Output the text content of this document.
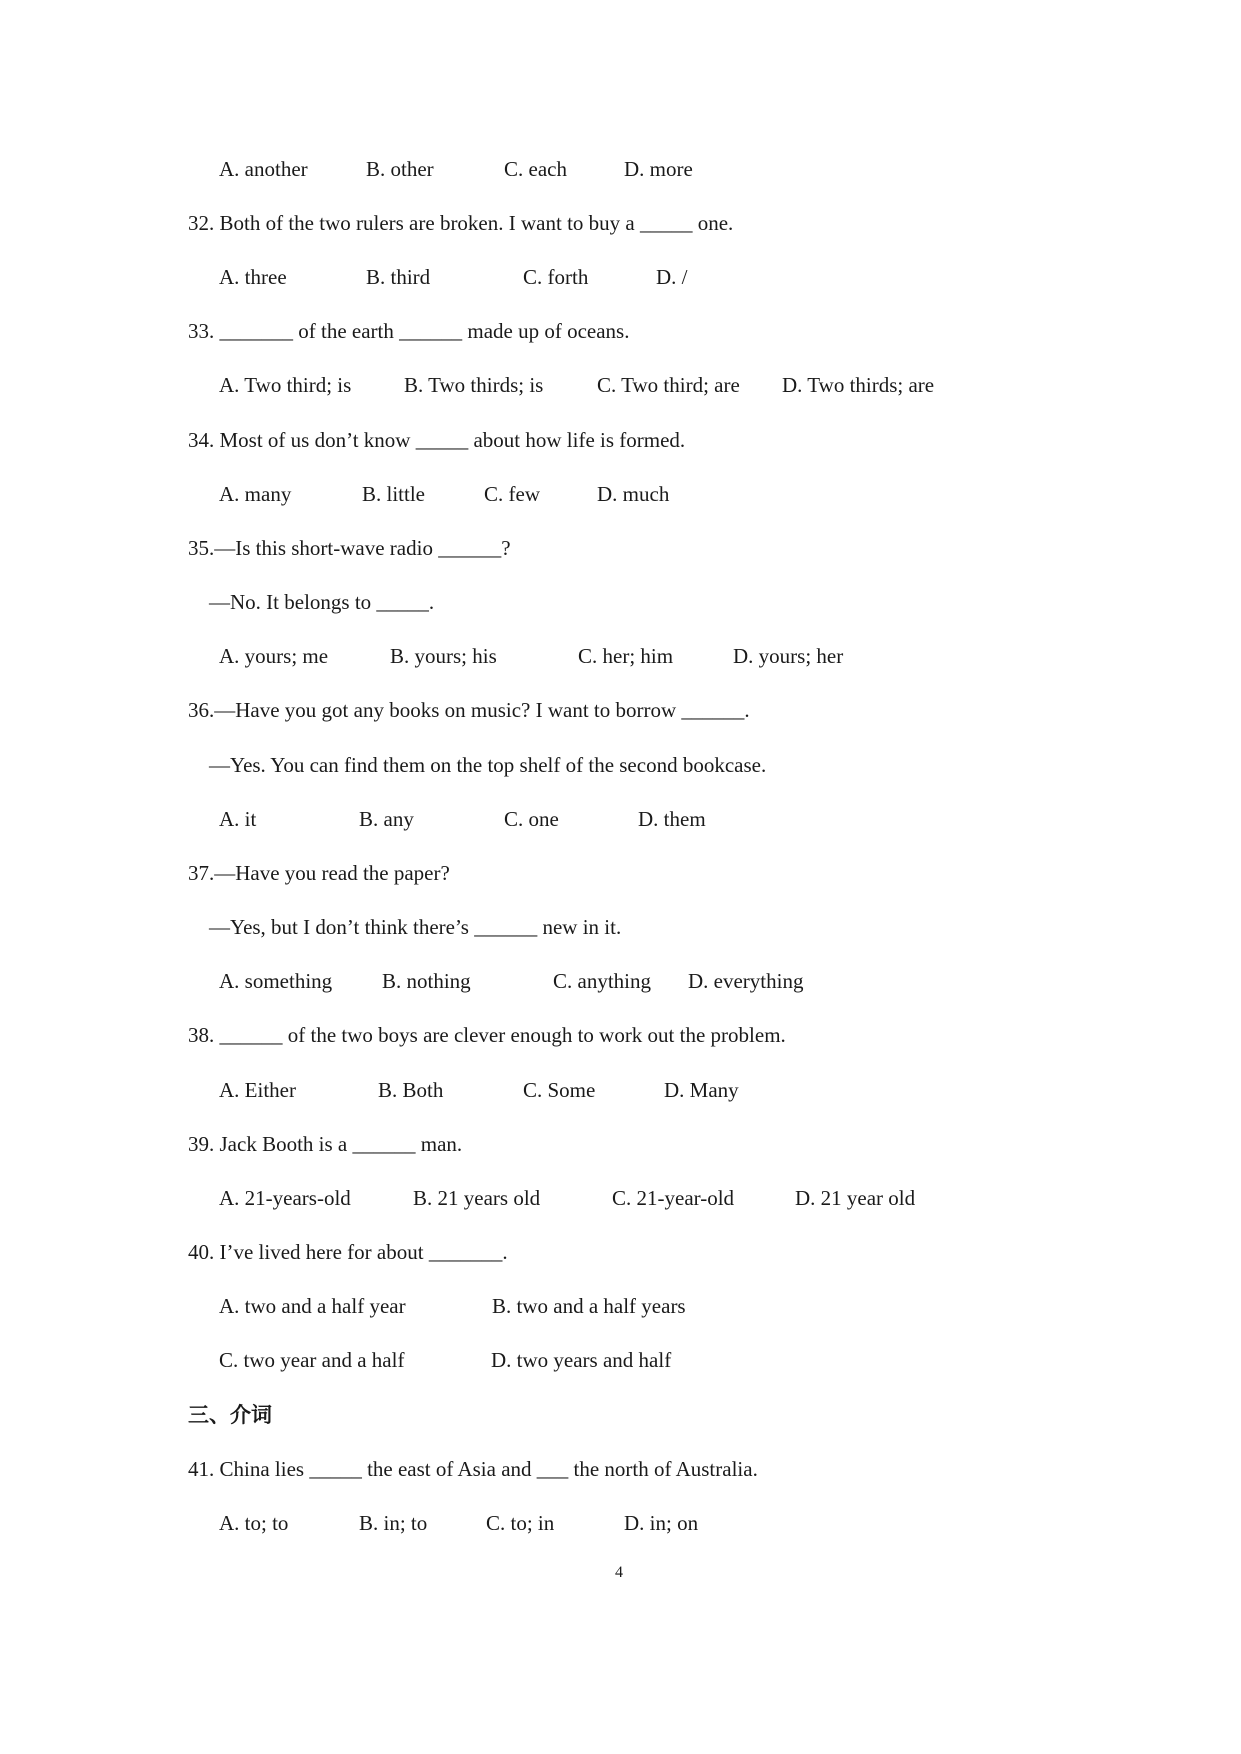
A. another	B. other	C. each	D. more
32. Both of the two rulers are broken. I want to buy a _____ one.
A. three	B. third	C. forth	D. /
33. _______ of the earth ______ made up of oceans.
A. Two third; is	B. Two thirds; is	C. Two third; are D. Two thirds; are
34. Most of us don’t know _____ about how life is formed.
A. many	B. little	C. few	D. much
35.—Is this short-wave radio ______?
—No. It belongs to _____.
A. yours; me	B. yours; his	C. her; him	D. yours; her
36.—Have you got any books on music? I want to borrow ______.
—Yes. You can find them on the top shelf of the second bookcase.
A. it	B. any	C. one	D. them
37.—Have you read the paper?
—Yes, but I don’t think there’s ______ new in it.
A. something B. nothing	C. anything D. everything
38. ______ of the two boys are clever enough to work out the problem.
A. Either	B. Both	C. Some	D. Many
39. Jack Booth is a ______ man.
A. 21-years-old	B. 21 years old	C. 21-year-old	D. 21 year old
40. I’ve lived here for about _______.
A. two and a half year	B. two and a half years
C. two year and a half	D. two years and half
三、介词
41. China lies _____ the east of Asia and ___ the north of Australia.
A. to; to	B. in; to	C. to; in	D. in; on
4
